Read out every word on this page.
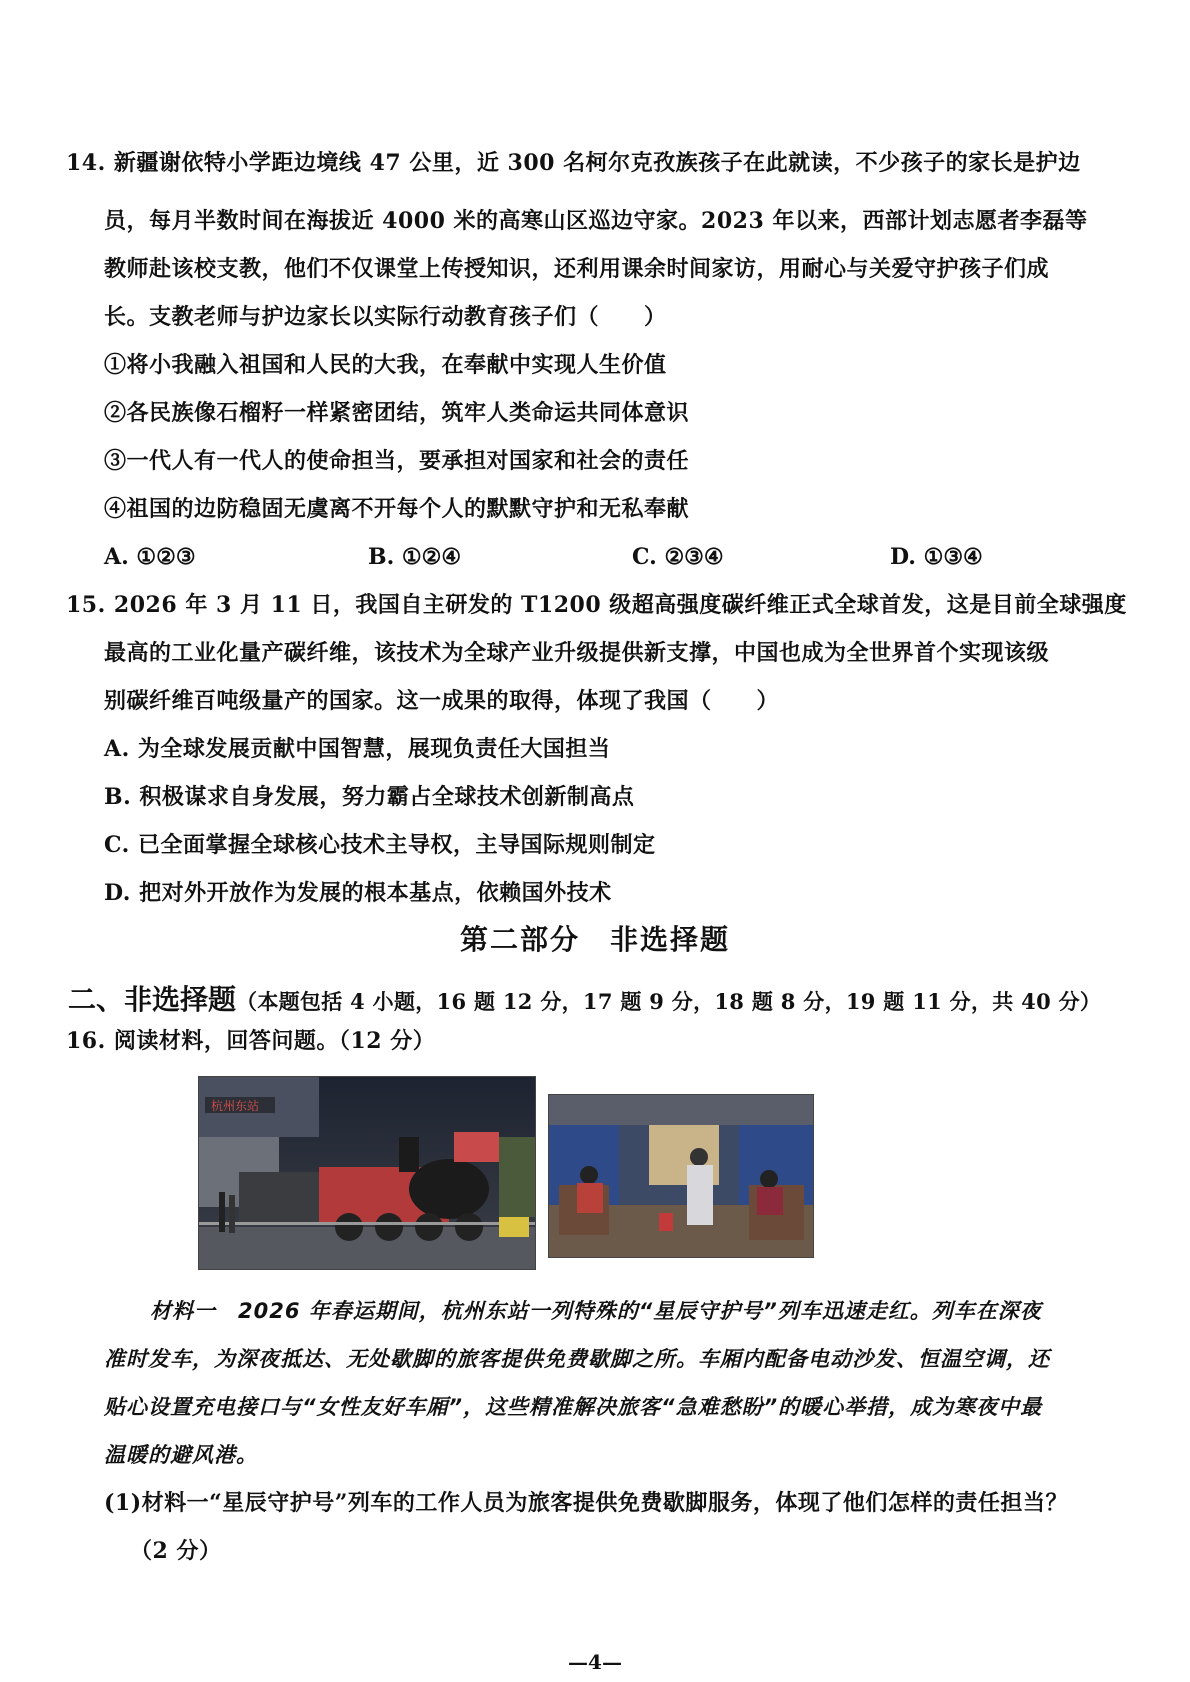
14. 新疆谢依特小学距边境线 47 公里，近 300 名柯尔克孜族孩子在此就读，不少孩子的家长是护边
员，每月半数时间在海拔近 4000 米的高寒山区巡边守家。2023 年以来，西部计划志愿者李磊等
教师赴该校支教，他们不仅课堂上传授知识，还利用课余时间家访，用耐心与关爱守护孩子们成
长。支教老师与护边家长以实际行动教育孩子们（　　）
①将小我融入祖国和人民的大我，在奉献中实现人生价值
②各民族像石榴籽一样紧密团结，筑牢人类命运共同体意识
③一代人有一代人的使命担当，要承担对国家和社会的责任
④祖国的边防稳固无虞离不开每个人的默默守护和无私奉献
A. ①②③	B. ①②④	C. ②③④	D. ①③④
15. 2026 年 3 月 11 日，我国自主研发的 T1200 级超高强度碳纤维正式全球首发，这是目前全球强度
最高的工业化量产碳纤维，该技术为全球产业升级提供新支撑，中国也成为全世界首个实现该级
别碳纤维百吨级量产的国家。这一成果的取得，体现了我国（　　）
A. 为全球发展贡献中国智慧，展现负责任大国担当
B. 积极谋求自身发展，努力霸占全球技术创新制高点
C. 已全面掌握全球核心技术主导权，主导国际规则制定
D. 把对外开放作为发展的根本基点，依赖国外技术
第二部分　非选择题
二、非选择题（本题包括 4 小题，16 题 12 分，17 题 9 分，18 题 8 分，19 题 11 分，共 40 分）
16. 阅读材料，回答问题。（12 分）
杭州东站
材料一　2026 年春运期间，杭州东站一列特殊的“星辰守护号”列车迅速走红。列车在深夜
准时发车，为深夜抵达、无处歇脚的旅客提供免费歇脚之所。车厢内配备电动沙发、恒温空调，还
贴心设置充电接口与“女性友好车厢”，这些精准解决旅客“急难愁盼”的暖心举措，成为寒夜中最
温暖的避风港。
(1)材料一“星辰守护号”列车的工作人员为旅客提供免费歇脚服务，体现了他们怎样的责任担当？
（2 分）
—4—
